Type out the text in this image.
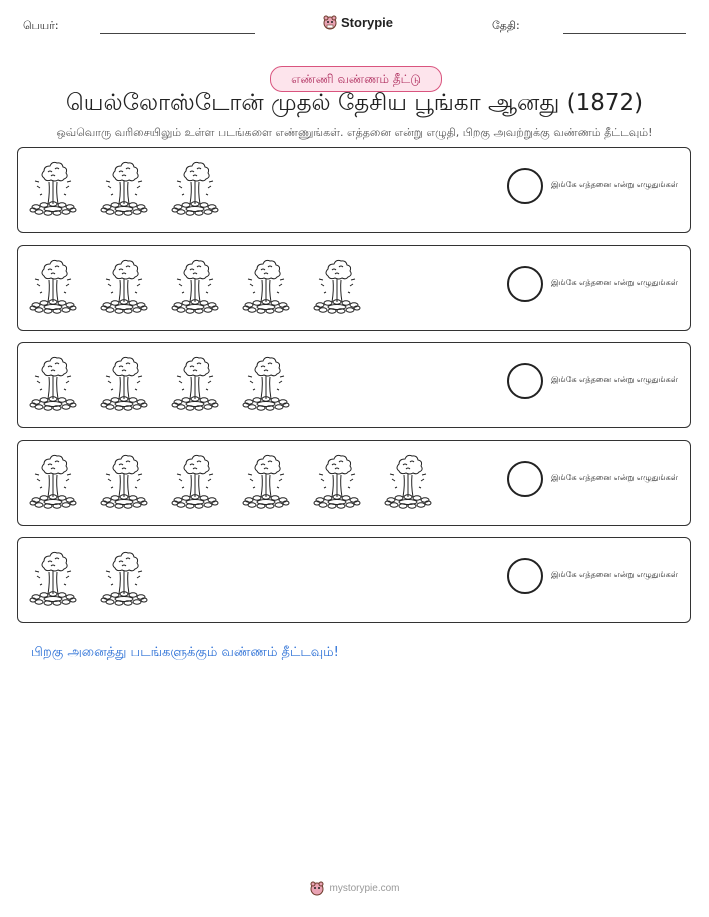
பெயர்:	Storypie	தேதி:
எண்ணி வண்ணம் தீட்டு
யெல்லோஸ்டோன் முதல் தேசிய பூங்கா ஆனது (1872)
ஒவ்வொரு வரிசையிலும் உள்ள படங்களை எண்ணுங்கள். எத்தனை என்று எழுதி, பிறகு அவற்றுக்கு வண்ணம் தீட்டவும்!
இங்கே எத்தனை என்று எழுதுங்கள்
இங்கே எத்தனை என்று எழுதுங்கள்
இங்கே எத்தனை என்று எழுதுங்கள்
இங்கே எத்தனை என்று எழுதுங்கள்
இங்கே எத்தனை என்று எழுதுங்கள்
பிறகு அனைத்து படங்களுக்கும் வண்ணம் தீட்டவும்!
mystorypie.com
